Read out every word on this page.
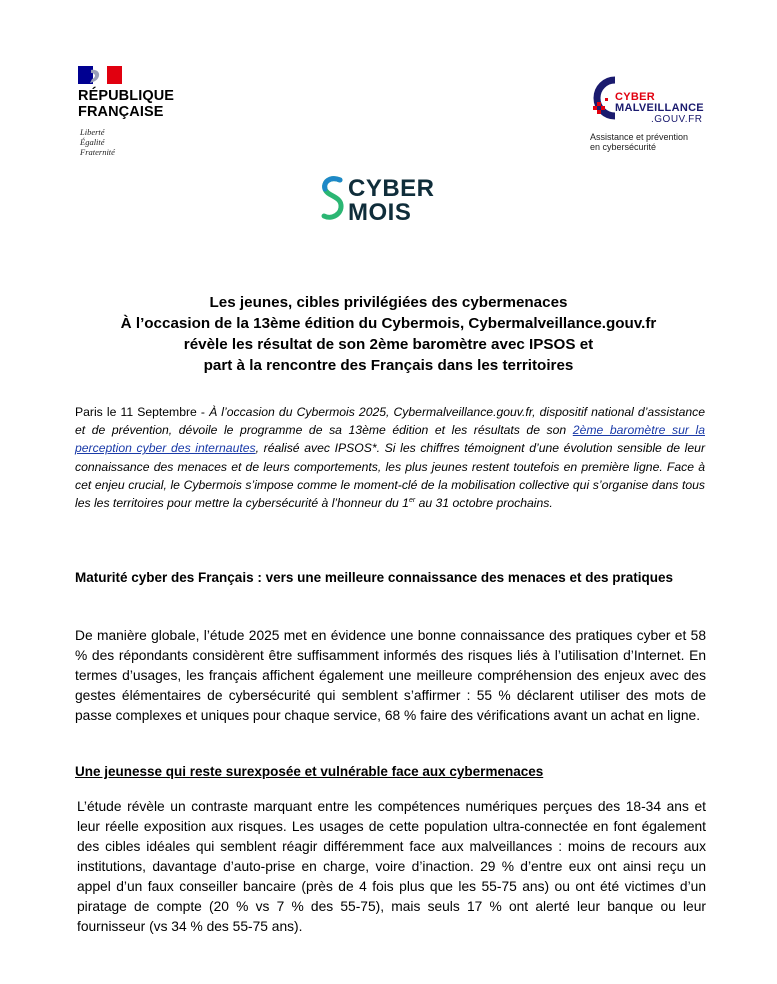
RÉPUBLIQUE
FRANÇAISE
Liberté
Égalité
Fraternité
CYBER
MALVEILLANCE
.GOUV.FR
Assistance et prévention
en cybersécurité
CYBER
MOIS
Les jeunes, cibles privilégiées des cybermenaces
À l’occasion de la 13ème édition du Cybermois, Cybermalveillance.gouv.fr
révèle les résultat de son 2ème baromètre avec IPSOS et
part à la rencontre des Français dans les territoires
Paris le 11 Septembre - À l’occasion du Cybermois 2025, Cybermalveillance.gouv.fr, dispositif national d’assistance et de prévention, dévoile le programme de sa 13ème édition et les résultats de son 2ème baromètre sur la perception cyber des internautes, réalisé avec IPSOS*. Si les chiffres témoignent d’une évolution sensible de leur connaissance des menaces et de leurs comportements, les plus jeunes restent toutefois en première ligne. Face à cet enjeu crucial, le Cybermois s’impose comme le moment-clé de la mobilisation collective qui s’organise dans tous les les territoires pour mettre la cybersécurité à l’honneur du 1er au 31 octobre prochains.
Maturité cyber des Français : vers une meilleure connaissance des menaces et des pratiques
De manière globale, l’étude 2025 met en évidence une bonne connaissance des pratiques cyber et 58 % des répondants considèrent être suffisamment informés des risques liés à l’utilisation d’Internet. En termes d’usages, les français affichent également une meilleure compréhension des enjeux avec des gestes élémentaires de cybersécurité qui semblent s’affirmer : 55 % déclarent utiliser des mots de passe complexes et uniques pour chaque service, 68 % faire des vérifications avant un achat en ligne.
Une jeunesse qui reste surexposée et vulnérable face aux cybermenaces
L’étude révèle un contraste marquant entre les compétences numériques perçues des 18-34 ans et leur réelle exposition aux risques. Les usages de cette population ultra-connectée en font également des cibles idéales qui semblent réagir différemment face aux malveillances : moins de recours aux institutions, davantage d’auto-prise en charge, voire d’inaction. 29 % d’entre eux ont ainsi reçu un appel d’un faux conseiller bancaire (près de 4 fois plus que les 55-75 ans) ou ont été victimes d’un piratage de compte (20 % vs 7 % des 55-75), mais seuls 17 % ont alerté leur banque ou leur fournisseur (vs 34 % des 55-75 ans).
